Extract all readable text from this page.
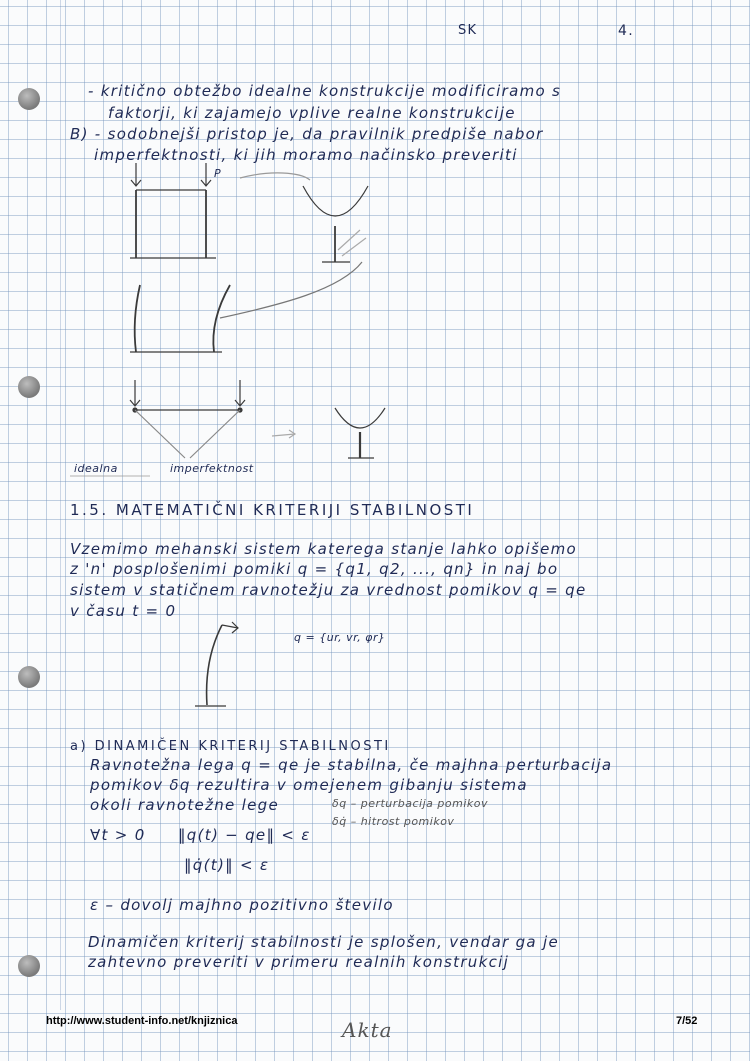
SK	4.
- kritično obtežbo idealne konstrukcije modificiramo s
faktorji, ki zajamejo vplive realne konstrukcije
B) - sodobnejši pristop je, da pravilnik predpiše nabor
imperfektnosti, ki jih moramo načinsko preveriti
P
idealna	imperfektnost
1.5. MATEMATIČNI KRITERIJI STABILNOSTI
Vzemimo mehanski sistem katerega stanje lahko opišemo
z 'n' posplošenimi pomiki q = {q1, q2, ..., qn} in naj bo
sistem v statičnem ravnotežju za vrednost pomikov q = qe
v času t = 0
q = {ur, vr, φr}
a) DINAMIČEN KRITERIJ STABILNOSTI
Ravnotežna lega q = qe je stabilna, če majhna perturbacija
pomikov δq rezultira v omejenem gibanju sistema
okoli ravnotežne lege	δq – perturbacija pomikov
δq̇ – hitrost pomikov
∀t > 0 ‖q(t) − qe‖ < ε
‖q̇(t)‖ < ε
ε – dovolj majhno pozitivno število
Dinamičen kriterij stabilnosti je splošen, vendar ga je
zahtevno preveriti v primeru realnih konstrukcij
http://www.student-info.net/knjiznica	Akta	7/52
